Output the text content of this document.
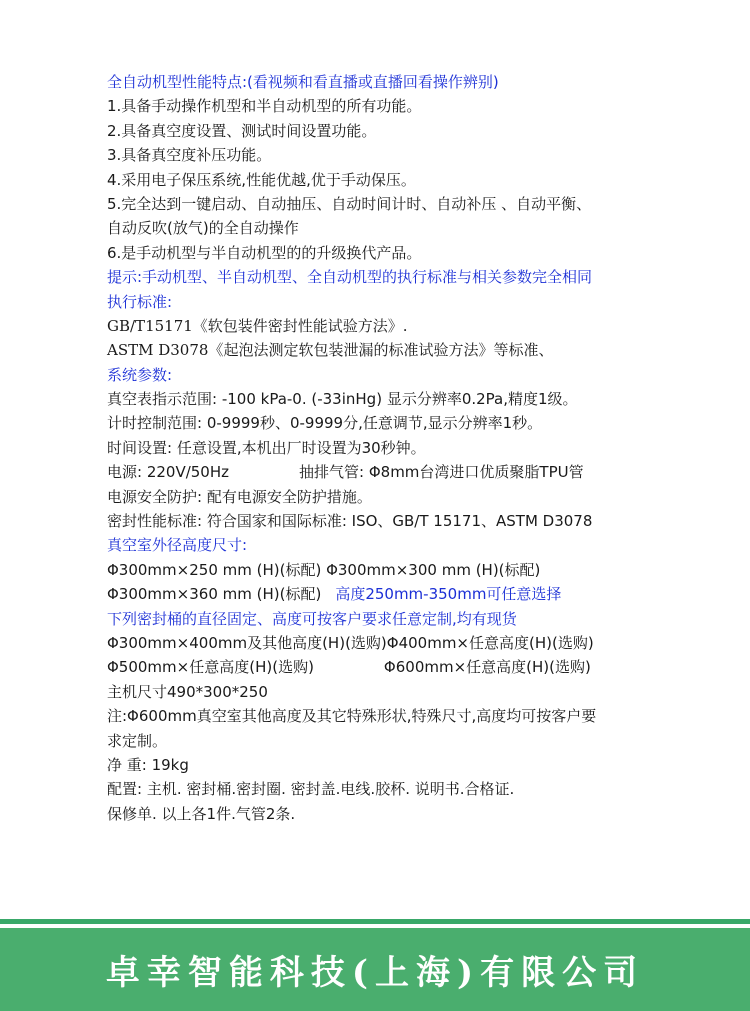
全自动机型性能特点:(看视频和看直播或直播回看操作辨别)
1.具备手动操作机型和半自动机型的所有功能。
2.具备真空度设置、测试时间设置功能。
3.具备真空度补压功能。
4.采用电子保压系统,性能优越,优于手动保压。
5.完全达到一键启动、自动抽压、自动时间计时、自动补压 、自动平衡、
自动反吹(放气)的全自动操作
6.是手动机型与半自动机型的的升级换代产品。
提示:手动机型、半自动机型、全自动机型的执行标准与相关参数完全相同
执行标准:
GB/T15171《软包装件密封性能试验方法》.
ASTM D3078《起泡法测定软包装泄漏的标准试验方法》等标准、
系统参数:
真空表指示范围: -100 kPa-0. (-33inHg) 显示分辨率0.2Pa,精度1级。
计时控制范围: 0-9999秒、0-9999分,任意调节,显示分辨率1秒。
时间设置: 任意设置,本机出厂时设置为30秒钟。
电源: 220V/50Hz	抽排气管: Φ8mm台湾进口优质聚脂TPU管
电源安全防护: 配有电源安全防护措施。
密封性能标准: 符合国家和国际标准: ISO、GB/T 15171、ASTM D3078
真空室外径高度尺寸:
Φ300mm×250 mm (H)(标配) Φ300mm×300 mm (H)(标配)
Φ300mm×360 mm (H)(标配) 高度250mm-350mm可任意选择
下列密封桶的直径固定、高度可按客户要求任意定制,均有现货
Φ300mm×400mm及其他高度(H)(选购)Φ400mm×任意高度(H)(选购)
Φ500mm×任意高度(H)(选购)	Φ600mm×任意高度(H)(选购)
主机尺寸490*300*250
注:Φ600mm真空室其他高度及其它特殊形状,特殊尺寸,高度均可按客户要
求定制。
净 重: 19kg
配置: 主机. 密封桶.密封圈. 密封盖.电线.胶杯. 说明书.合格证.
保修单. 以上各1件.气管2条.
卓幸智能科技(上海)有限公司
